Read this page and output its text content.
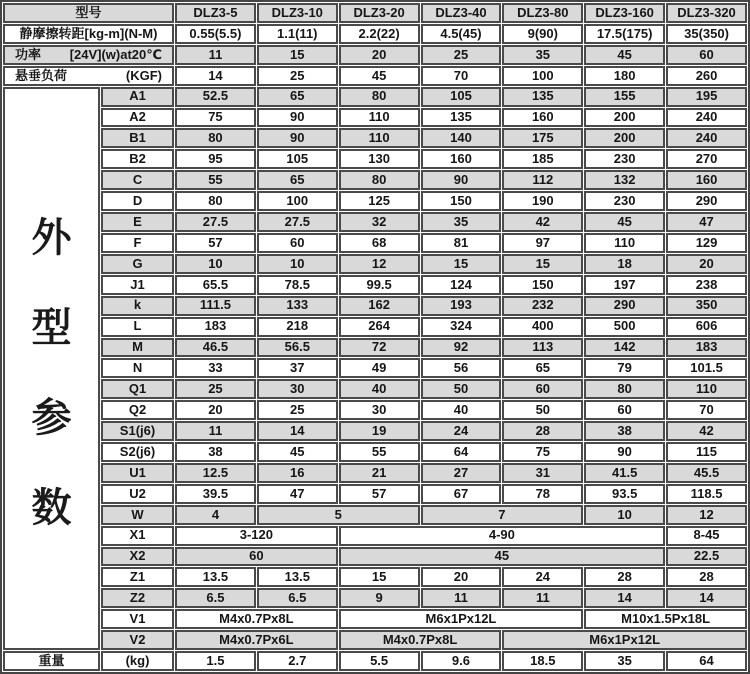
型号		DLZ3-5	DLZ3-10	DLZ3-20	DLZ3-40	DLZ3-80	DLZ3-160	DLZ3-320

静摩擦转距[kg-m](N-M)		0.55(5.5)	1.1(11)	2.2(22)	4.5(45)	9(90)	17.5(175)	35(350)

功率 [24V](w)at20℃		11	15	20	25	35	45	60

悬垂负荷 (KGF)		14	25	45	70	100	180	260

外
型
参
数	A1	52.5	65	80	105	135	155	195
	A2	75	90	110	135	160	200	240
	B1	80	90	110	140	175	200	240
	B2	95	105	130	160	185	230	270
	C	55	65	80	90	112	132	160
	D	80	100	125	150	190	230	290
	E	27.5	27.5	32	35	42	45	47
	F	57	60	68	81	97	110	129
	G	10	10	12	15	15	18	20
	J1	65.5	78.5	99.5	124	150	197	238
	k	111.5	133	162	193	232	290	350
	L	183	218	264	324	400	500	606
	M	46.5	56.5	72	92	113	142	183
	N	33	37	49	56	65	79	101.5
	Q1	25	30	40	50	60	80	110
	Q2	20	25	30	40	50	60	70
	S1(j6)	11	14	19	24	28	38	42
	S2(j6)	38	45	55	64	75	90	115
	U1	12.5	16	21	27	31	41.5	45.5
	U2	39.5	47	57	67	78	93.5	118.5
	W	4	5		7		10	12
	X1	3-120		4-90				8-45
	X2	60		45				22.5
	Z1	13.5	13.5	15	20	24	28	28
	Z2	6.5	6.5	9	11	11	14	14
	V1	M4x0.7Px8L		M6x1Px12L			M10x1.5Px18L	
	V2	M4x0.7Px6L		M4x0.7Px8L		M6x1Px12L		
重量	(kg)	1.5	2.7	5.5	9.6	18.5	35	64
